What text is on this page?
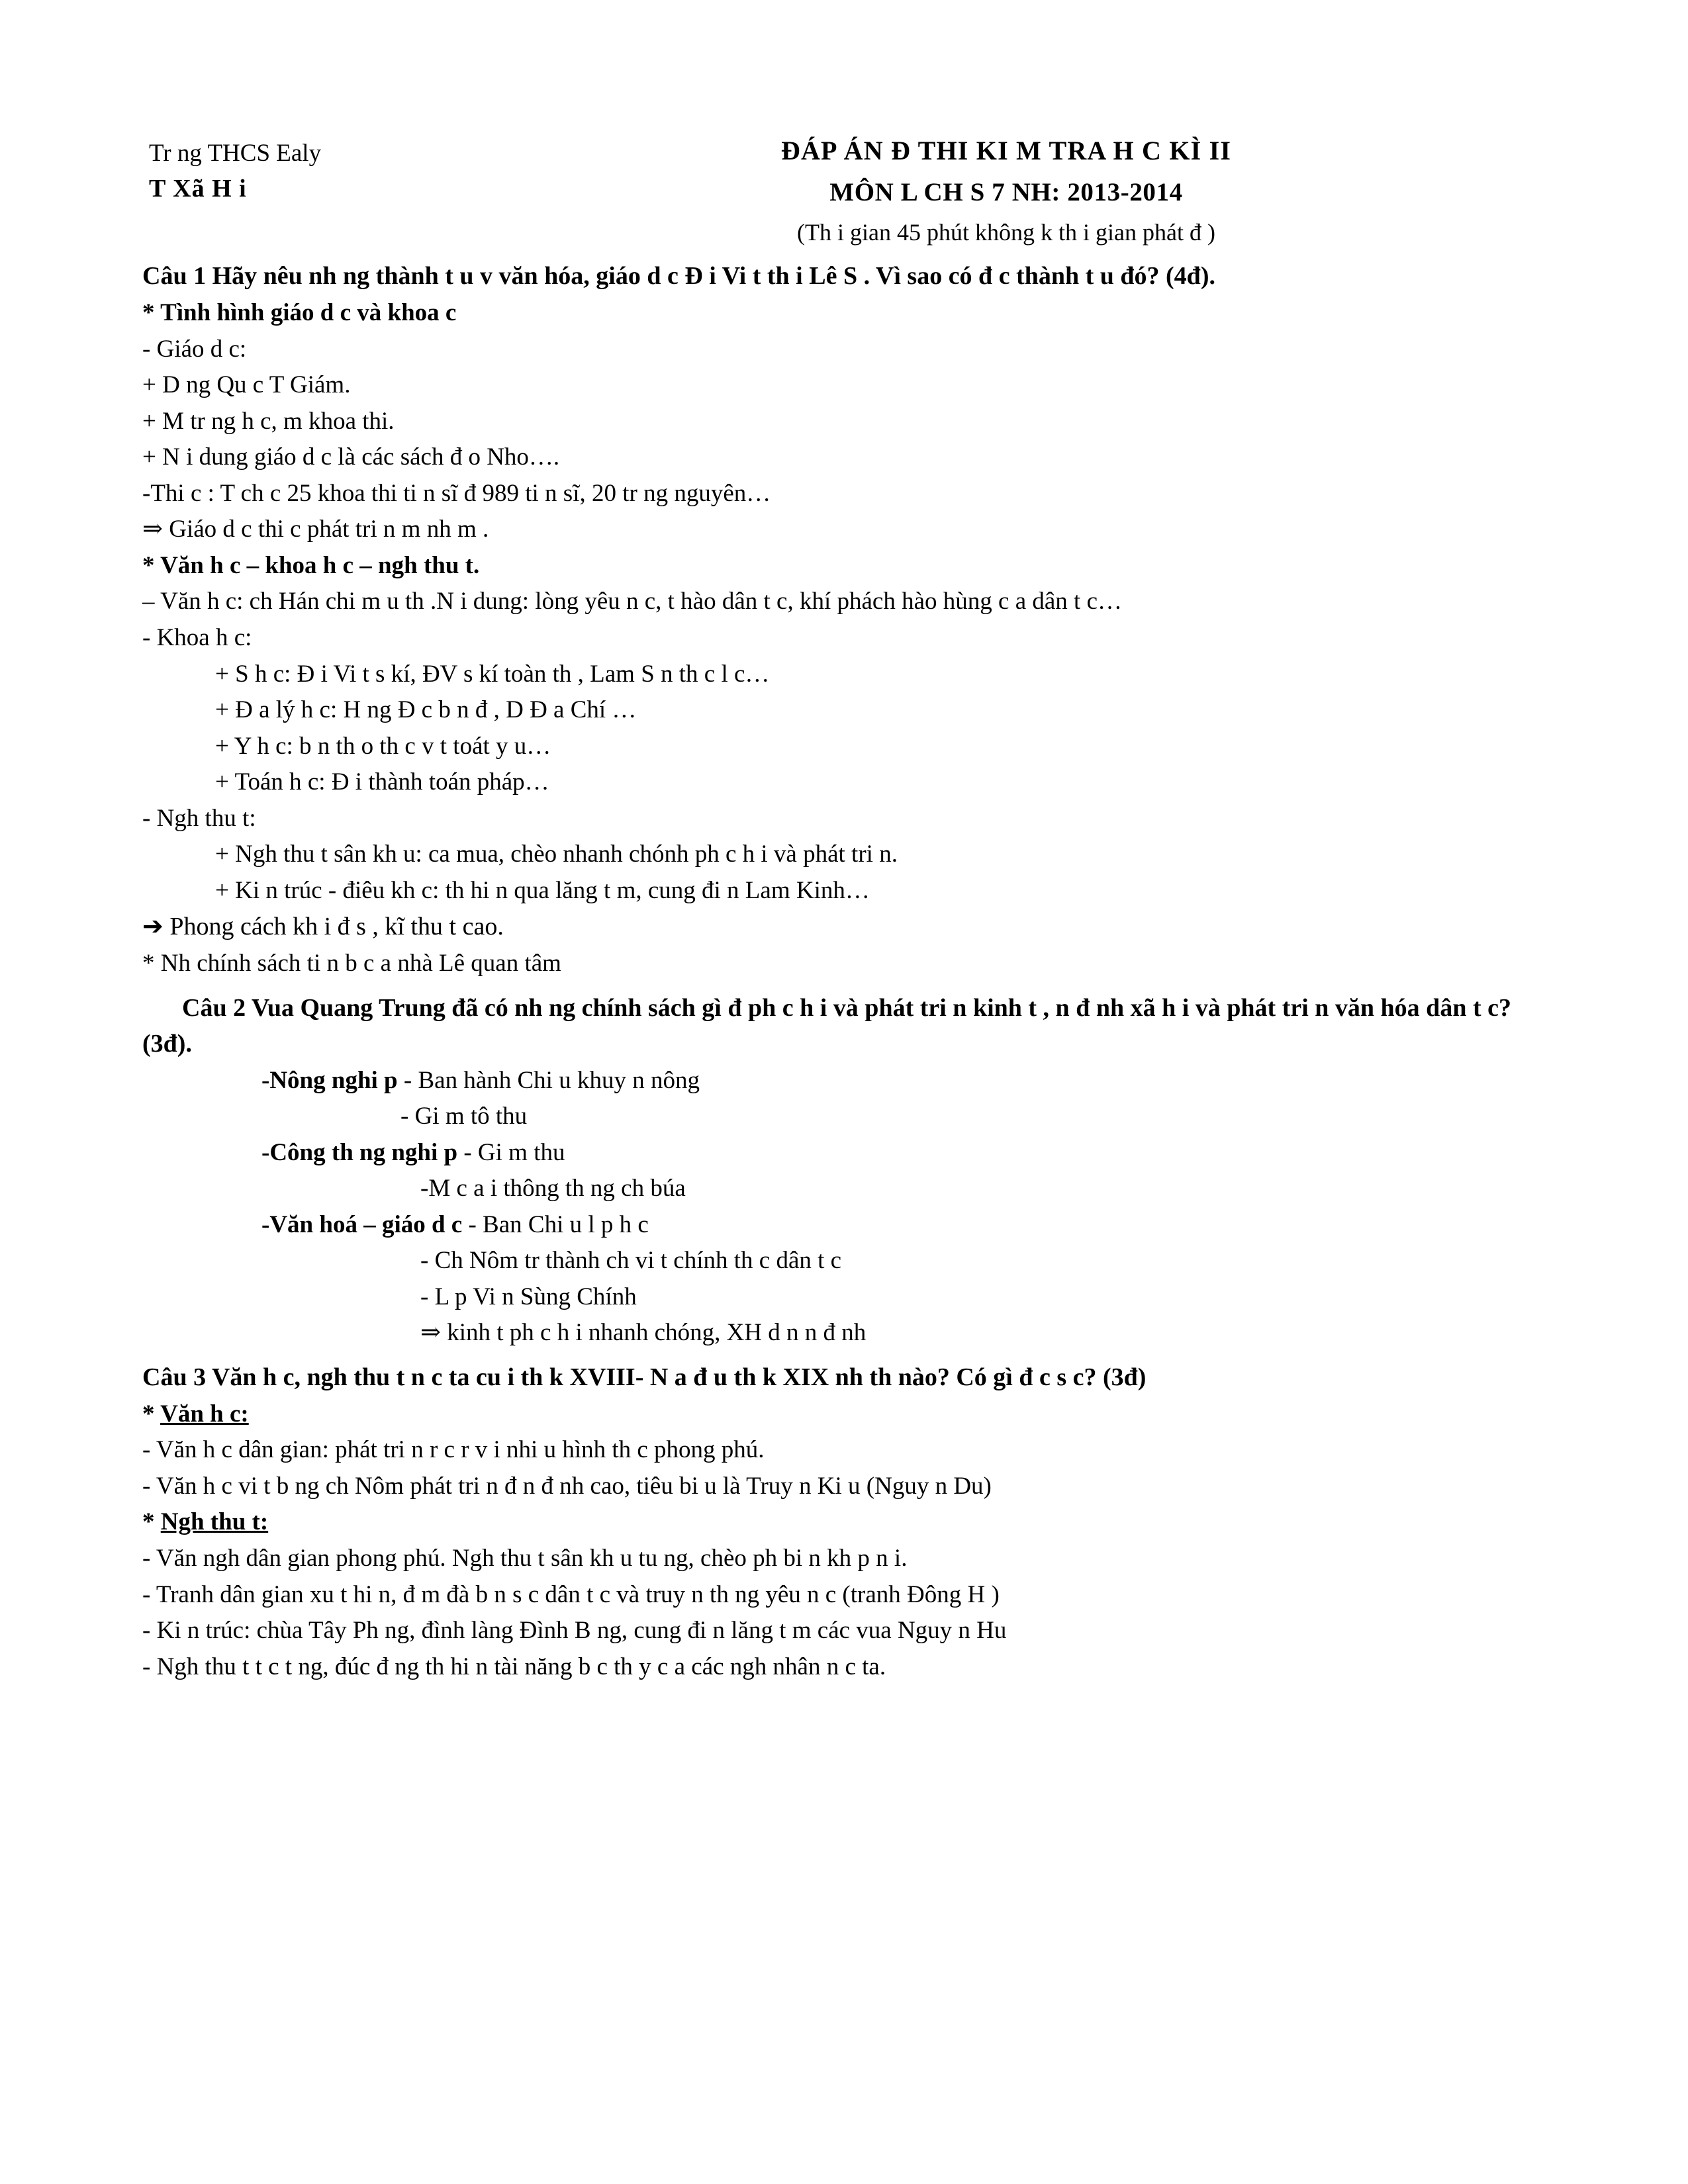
Tr ng THCS Ealy
T Xã H i
ĐÁP ÁN Đ THI KI M TRA H C KÌ II
MÔN L CH S 7 NH: 2013-2014
(Th i gian 45 phút không k th i gian phát đ )
Câu 1 Hãy nêu nh ng thành t u v văn hóa, giáo d c Đ i Vi t th i Lê S . Vì sao có đ c thành t u đó? (4đ).
* Tình hình giáo d c và khoa c
- Giáo d c:
+ D ng Qu c T Giám.
+ M tr ng h c, m khoa thi.
+ N i dung giáo d c là các sách đ o Nho….
-Thi c : T ch c 25 khoa thi ti n sĩ đ 989 ti n sĩ, 20 tr ng nguyên…
⇒ Giáo d c thi c phát tri n m nh m .
* Văn h c – khoa h c – ngh thu t.
– Văn h c: ch Hán chi m u th .N i dung: lòng yêu n c, t hào dân t c, khí phách hào hùng c a dân t c…
- Khoa h c:
+ S h c: Đ i Vi t s kí, ĐV s kí toàn th , Lam S n th c l c…
+ Đ a lý h c: H ng Đ c b n đ , D Đ a Chí …
+ Y h c: b n th o th c v t toát y u…
+ Toán h c: Đ i thành toán pháp…
- Ngh thu t:
+ Ngh thu t sân kh u: ca mua, chèo nhanh chónh ph c h i và phát tri n.
+ Ki n trúc - điêu kh c: th hi n qua lăng t m, cung đi n Lam Kinh…
➔ Phong cách kh i đ s , kĩ thu t cao.
* Nh chính sách ti n b c a nhà Lê quan tâm
Câu 2 Vua Quang Trung đã có nh ng chính sách gì đ ph c h i và phát tri n kinh t , n đ nh xã h i và phát tri n văn hóa dân t c? (3đ).
-Nông nghi p - Ban hành Chi u khuy n nông
- Gi m tô thu
-Công th ng nghi p - Gi m thu
-M c a i thông th ng ch búa
-Văn hoá – giáo d c - Ban Chi u l p h c
- Ch Nôm tr thành ch vi t chính th c dân t c
- L p Vi n Sùng Chính
⇒ kinh t ph c h i nhanh chóng, XH d n n đ nh
Câu 3 Văn h c, ngh thu t n c ta cu i th k XVIII- N a đ u th k XIX nh th nào? Có gì đ c s c? (3đ)
* Văn h c:
- Văn h c dân gian: phát tri n r c r v i nhi u hình th c phong phú.
- Văn h c vi t b ng ch Nôm phát tri n đ n đ nh cao, tiêu bi u là Truy n Ki u (Nguy n Du)
* Ngh thu t:
- Văn ngh dân gian phong phú. Ngh thu t sân kh u tu ng, chèo ph bi n kh p n i.
- Tranh dân gian xu t hi n, đ m đà b n s c dân t c và truy n th ng yêu n c (tranh Đông H )
- Ki n trúc: chùa Tây Ph ng, đình làng Đình B ng, cung đi n lăng t m các vua Nguy n Hu
- Ngh thu t t c t ng, đúc đ ng th hi n tài năng b c th y c a các ngh nhân n c ta.
